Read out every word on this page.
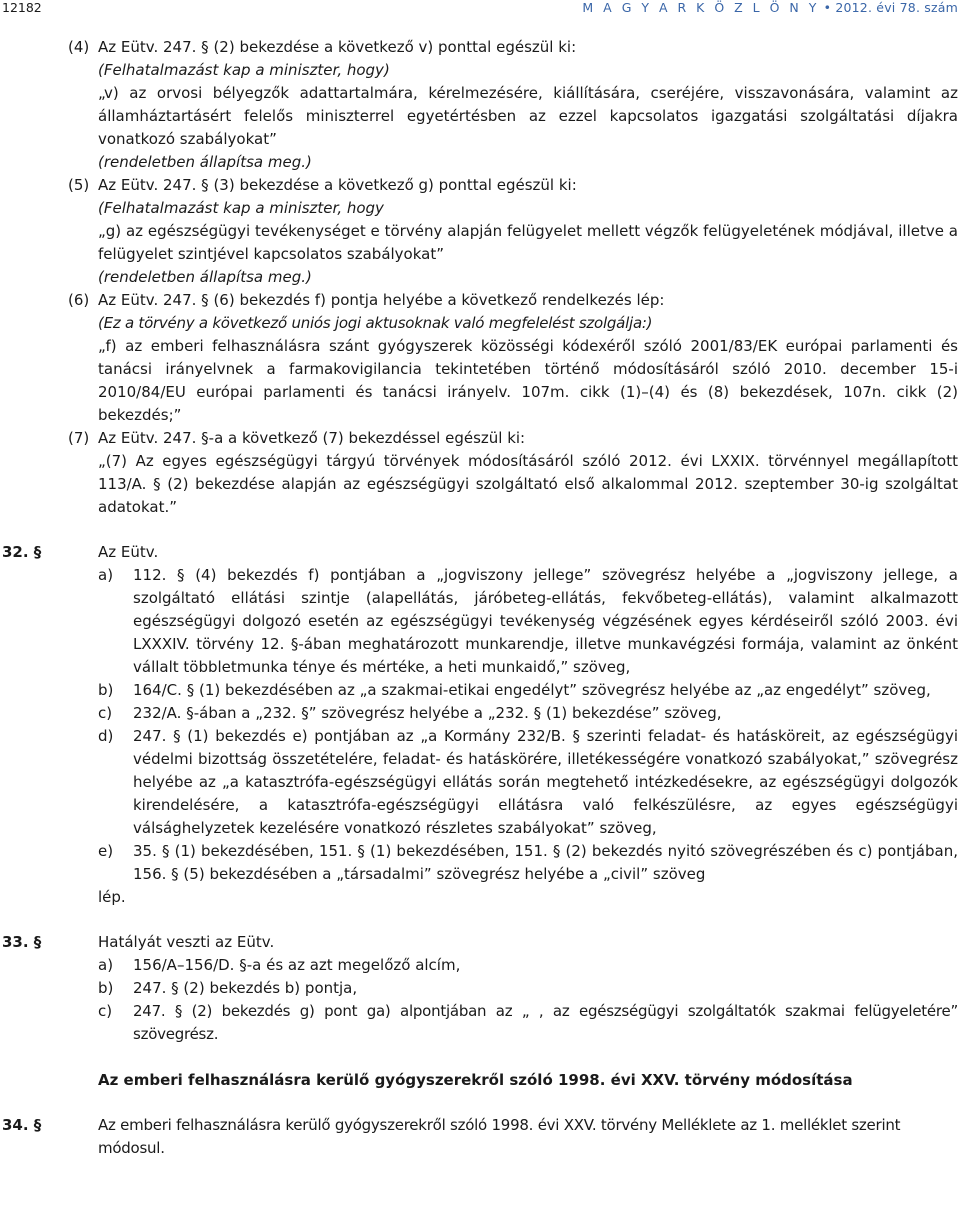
12182	M A G Y A R K Ö Z L Ö N Y • 2012. évi 78. szám
(4) Az Eütv. 247. § (2) bekezdése a következő v) ponttal egészül ki:
(Felhatalmazást kap a miniszter, hogy)
„v) az orvosi bélyegzők adattartalmára, kérelmezésére, kiállítására, cseréjére, visszavonására, valamint az államháztartásért felelős miniszterrel egyetértésben az ezzel kapcsolatos igazgatási szolgáltatási díjakra vonatkozó szabályokat”
(rendeletben állapítsa meg.)
(5) Az Eütv. 247. § (3) bekezdése a következő g) ponttal egészül ki:
(Felhatalmazást kap a miniszter, hogy
„g) az egészségügyi tevékenységet e törvény alapján felügyelet mellett végzők felügyeletének módjával, illetve a felügyelet szintjével kapcsolatos szabályokat”
(rendeletben állapítsa meg.)
(6) Az Eütv. 247. § (6) bekezdés f) pontja helyébe a következő rendelkezés lép:
(Ez a törvény a következő uniós jogi aktusoknak való megfelelést szolgálja:)
„f) az emberi felhasználásra szánt gyógyszerek közösségi kódexéről szóló 2001/83/EK európai parlamenti és tanácsi irányelvnek a farmakovigilancia tekintetében történő módosításáról szóló 2010. december 15-i 2010/84/EU európai parlamenti és tanácsi irányelv. 107m. cikk (1)–(4) és (8) bekezdések, 107n. cikk (2) bekezdés;”
(7) Az Eütv. 247. §-a a következő (7) bekezdéssel egészül ki:
„(7) Az egyes egészségügyi tárgyú törvények módosításáról szóló 2012. évi LXXIX. törvénnyel megállapított 113/A. § (2) bekezdése alapján az egészségügyi szolgáltató első alkalommal 2012. szeptember 30-ig szolgáltat adatokat.”
32. §	Az Eütv.
a) 112. § (4) bekezdés f) pontjában a „jogviszony jellege” szövegrész helyébe a „jogviszony jellege, a szolgáltató ellátási szintje (alapellátás, járóbeteg-ellátás, fekvőbeteg-ellátás), valamint alkalmazott egészségügyi dolgozó esetén az egészségügyi tevékenység végzésének egyes kérdéseiről szóló 2003. évi LXXXIV. törvény 12. §-ában meghatározott munkarendje, illetve munkavégzési formája, valamint az önként vállalt többletmunka ténye és mértéke, a heti munkaidő,” szöveg,
b) 164/C. § (1) bekezdésében az „a szakmai-etikai engedélyt” szövegrész helyébe az „az engedélyt” szöveg,
c) 232/A. §-ában a „232. §” szövegrész helyébe a „232. § (1) bekezdése” szöveg,
d) 247. § (1) bekezdés e) pontjában az „a Kormány 232/B. § szerinti feladat- és hatásköreit, az egészségügyi védelmi bizottság összetételére, feladat- és hatáskörére, illetékességére vonatkozó szabályokat,” szövegrész helyébe az „a katasztrófa-egészségügyi ellátás során megtehető intézkedésekre, az egészségügyi dolgozók kirendelésére, a katasztrófa-egészségügyi ellátásra való felkészülésre, az egyes egészségügyi válsághelyzetek kezelésére vonatkozó részletes szabályokat” szöveg,
e) 35. § (1) bekezdésében, 151. § (1) bekezdésében, 151. § (2) bekezdés nyitó szövegrészében és c) pontjában, 156. § (5) bekezdésében a „társadalmi” szövegrész helyébe a „civil” szöveg
lép.
33. §	Hatályát veszti az Eütv.
a) 156/A–156/D. §-a és az azt megelőző alcím,
b) 247. § (2) bekezdés b) pontja,
c) 247. § (2) bekezdés g) pont ga) alpontjában az „ , az egészségügyi szolgáltatók szakmai felügyeletére” szövegrész.
Az emberi felhasználásra kerülő gyógyszerekről szóló 1998. évi XXV. törvény módosítása
34. §	Az emberi felhasználásra kerülő gyógyszerekről szóló 1998. évi XXV. törvény Melléklete az 1. melléklet szerint módosul.
